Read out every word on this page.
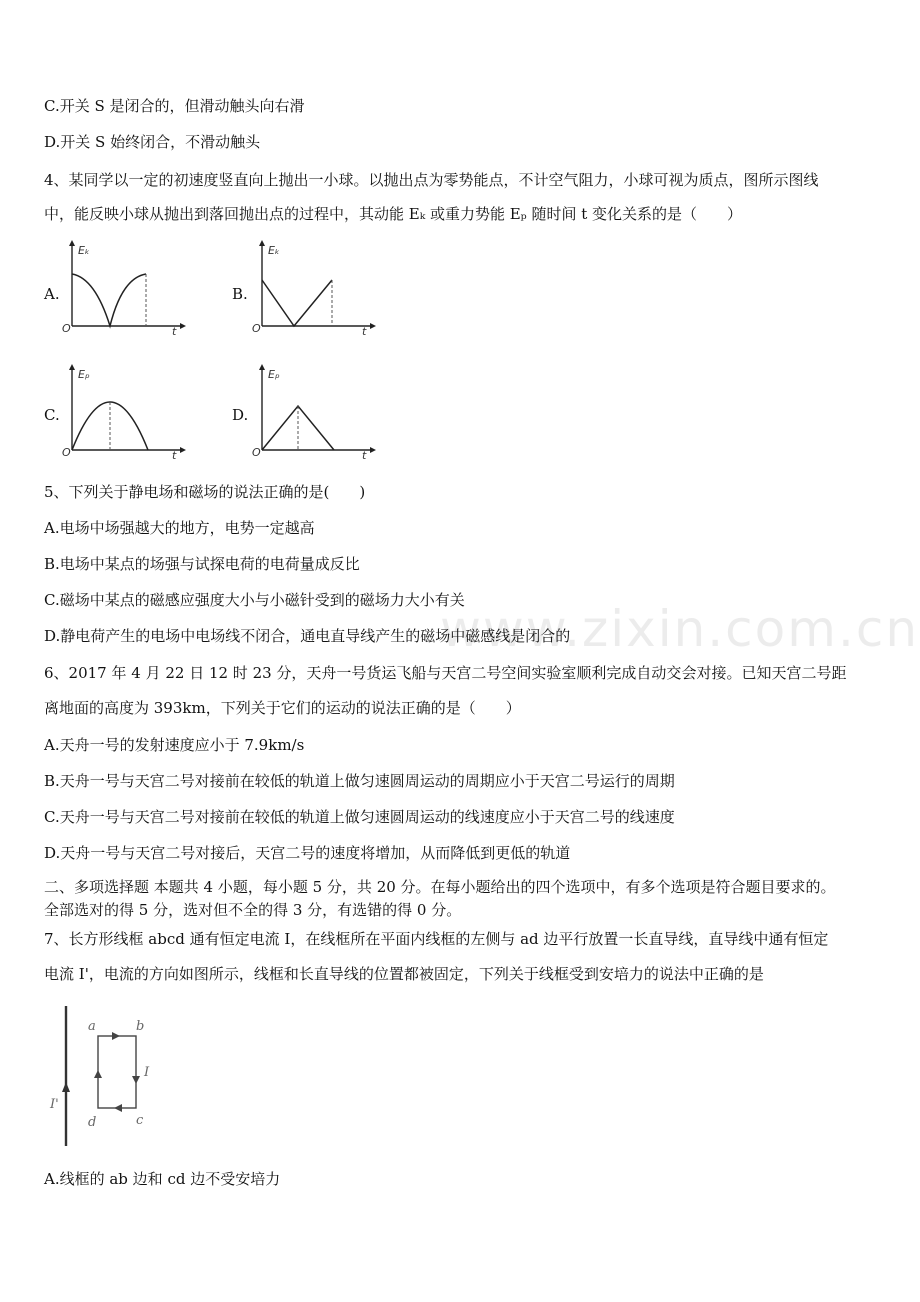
www.zixin.com.cn
C.开关 S 是闭合的，但滑动触头向右滑
D.开关 S 始终闭合，不滑动触头
4、某同学以一定的初速度竖直向上抛出一小球。以抛出点为零势能点，不计空气阻力，小球可视为质点，图所示图线
中，能反映小球从抛出到落回抛出点的过程中，其动能 Eₖ 或重力势能 Eₚ 随时间 t 变化关系的是（　　）
A.
Eₖ
O	t
B.
Eₖ
O	t
C.
Eₚ
O	t
D.
Eₚ
O	t
5、下列关于静电场和磁场的说法正确的是(　　)
A.电场中场强越大的地方，电势一定越高
B.电场中某点的场强与试探电荷的电荷量成反比
C.磁场中某点的磁感应强度大小与小磁针受到的磁场力大小有关
D.静电荷产生的电场中电场线不闭合，通电直导线产生的磁场中磁感线是闭合的
6、2017 年 4 月 22 日 12 时 23 分，天舟一号货运飞船与天宫二号空间实验室顺利完成自动交会对接。已知天宫二号距
离地面的高度为 393km，下列关于它们的运动的说法正确的是（　　）
A.天舟一号的发射速度应小于 7.9km/s
B.天舟一号与天宫二号对接前在较低的轨道上做匀速圆周运动的周期应小于天宫二号运行的周期
C.天舟一号与天宫二号对接前在较低的轨道上做匀速圆周运动的线速度应小于天宫二号的线速度
D.天舟一号与天宫二号对接后，天宫二号的速度将增加，从而降低到更低的轨道
二、多项选择题 本题共 4 小题，每小题 5 分，共 20 分。在每小题给出的四个选项中，有多个选项是符合题目要求的。
全部选对的得 5 分，选对但不全的得 3 分，有选错的得 0 分。
7、长方形线框 abcd 通有恒定电流 I，在线框所在平面内线框的左侧与 ad 边平行放置一长直导线，直导线中通有恒定
电流 I'，电流的方向如图所示，线框和长直导线的位置都被固定，下列关于线框受到安培力的说法中正确的是
I'
a	b
c
d
I
A.线框的 ab 边和 cd 边不受安培力
